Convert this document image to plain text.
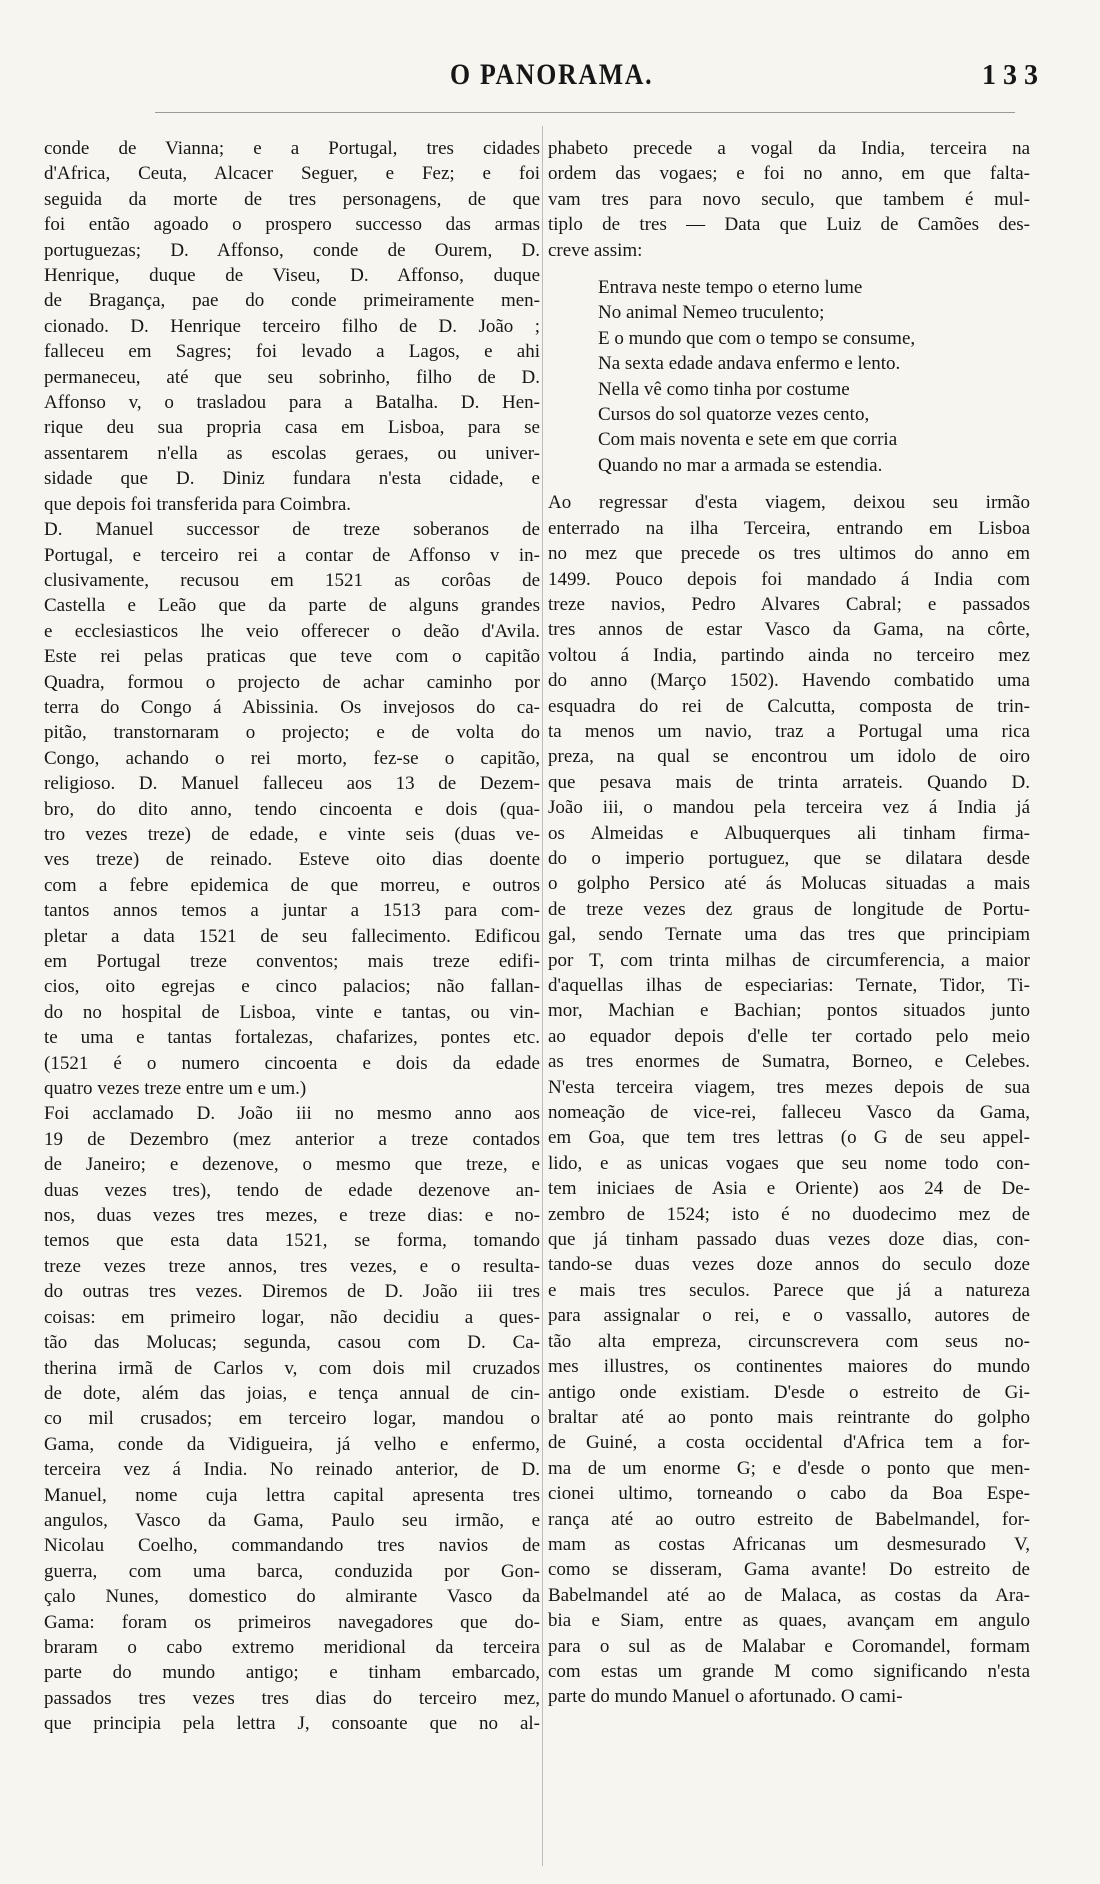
O PANORAMA.	1 3 3
conde de Vianna; e a Portugal, tres cidades
d'Africa, Ceuta, Alcacer Seguer, e Fez; e foi
seguida da morte de tres personagens, de que
foi então agoado o prospero successo das armas
portuguezas; D. Affonso, conde de Ourem, D.
Henrique, duque de Viseu, D. Affonso, duque
de Bragança, pae do conde primeiramente men-
cionado. D. Henrique terceiro filho de D. João ;
falleceu em Sagres; foi levado a Lagos, e ahi
permaneceu, até que seu sobrinho, filho de D.
Affonso v, o trasladou para a Batalha. D. Hen-
rique deu sua propria casa em Lisboa, para se
assentarem n'ella as escolas geraes, ou univer-
sidade que D. Diniz fundara n'esta cidade, e
que depois foi transferida para Coimbra.
D. Manuel successor de treze soberanos de
Portugal, e terceiro rei a contar de Affonso v in-
clusivamente, recusou em 1521 as corôas de
Castella e Leão que da parte de alguns grandes
e ecclesiasticos lhe veio offerecer o deão d'Avila.
Este rei pelas praticas que teve com o capitão
Quadra, formou o projecto de achar caminho por
terra do Congo á Abissinia. Os invejosos do ca-
pitão, transtornaram o projecto; e de volta do
Congo, achando o rei morto, fez-se o capitão,
religioso. D. Manuel falleceu aos 13 de Dezem-
bro, do dito anno, tendo cincoenta e dois (qua-
tro vezes treze) de edade, e vinte seis (duas ve-
ves treze) de reinado. Esteve oito dias doente
com a febre epidemica de que morreu, e outros
tantos annos temos a juntar a 1513 para com-
pletar a data 1521 de seu fallecimento. Edificou
em Portugal treze conventos; mais treze edifi-
cios, oito egrejas e cinco palacios; não fallan-
do no hospital de Lisboa, vinte e tantas, ou vin-
te uma e tantas fortalezas, chafarizes, pontes etc.
(1521 é o numero cincoenta e dois da edade
quatro vezes treze entre um e um.)
Foi acclamado D. João iii no mesmo anno aos
19 de Dezembro (mez anterior a treze contados
de Janeiro; e dezenove, o mesmo que treze, e
duas vezes tres), tendo de edade dezenove an-
nos, duas vezes tres mezes, e treze dias: e no-
temos que esta data 1521, se forma, tomando
treze vezes treze annos, tres vezes, e o resulta-
do outras tres vezes. Diremos de D. João iii tres
coisas: em primeiro logar, não decidiu a ques-
tão das Molucas; segunda, casou com D. Ca-
therina irmã de Carlos v, com dois mil cruzados
de dote, além das joias, e tença annual de cin-
co mil crusados; em terceiro logar, mandou o
Gama, conde da Vidigueira, já velho e enfermo,
terceira vez á India. No reinado anterior, de D.
Manuel, nome cuja lettra capital apresenta tres
angulos, Vasco da Gama, Paulo seu irmão, e
Nicolau Coelho, commandando tres navios de
guerra, com uma barca, conduzida por Gon-
çalo Nunes, domestico do almirante Vasco da
Gama: foram os primeiros navegadores que do-
braram o cabo extremo meridional da terceira
parte do mundo antigo; e tinham embarcado,
passados tres vezes tres dias do terceiro mez,
que principia pela lettra J, consoante que no al-
phabeto precede a vogal da India, terceira na
ordem das vogaes; e foi no anno, em que falta-
vam tres para novo seculo, que tambem é mul-
tiplo de tres — Data que Luiz de Camões des-
creve assim:
Entrava neste tempo o eterno lume
No animal Nemeo truculento;
E o mundo que com o tempo se consume,
Na sexta edade andava enfermo e lento.
Nella vê como tinha por costume
Cursos do sol quatorze vezes cento,
Com mais noventa e sete em que corria
Quando no mar a armada se estendia.
Ao regressar d'esta viagem, deixou seu irmão
enterrado na ilha Terceira, entrando em Lisboa
no mez que precede os tres ultimos do anno em
1499. Pouco depois foi mandado á India com
treze navios, Pedro Alvares Cabral; e passados
tres annos de estar Vasco da Gama, na côrte,
voltou á India, partindo ainda no terceiro mez
do anno (Março 1502). Havendo combatido uma
esquadra do rei de Calcutta, composta de trin-
ta menos um navio, traz a Portugal uma rica
preza, na qual se encontrou um idolo de oiro
que pesava mais de trinta arrateis. Quando D.
João iii, o mandou pela terceira vez á India já
os Almeidas e Albuquerques ali tinham firma-
do o imperio portuguez, que se dilatara desde
o golpho Persico até ás Molucas situadas a mais
de treze vezes dez graus de longitude de Portu-
gal, sendo Ternate uma das tres que principiam
por T, com trinta milhas de circumferencia, a maior
d'aquellas ilhas de especiarias: Ternate, Tidor, Ti-
mor, Machian e Bachian; pontos situados junto
ao equador depois d'elle ter cortado pelo meio
as tres enormes de Sumatra, Borneo, e Celebes.
N'esta terceira viagem, tres mezes depois de sua
nomeação de vice-rei, falleceu Vasco da Gama,
em Goa, que tem tres lettras (o G de seu appel-
lido, e as unicas vogaes que seu nome todo con-
tem iniciaes de Asia e Oriente) aos 24 de De-
zembro de 1524; isto é no duodecimo mez de
que já tinham passado duas vezes doze dias, con-
tando-se duas vezes doze annos do seculo doze
e mais tres seculos. Parece que já a natureza
para assignalar o rei, e o vassallo, autores de
tão alta empreza, circunscrevera com seus no-
mes illustres, os continentes maiores do mundo
antigo onde existiam. D'esde o estreito de Gi-
braltar até ao ponto mais reintrante do golpho
de Guiné, a costa occidental d'Africa tem a for-
ma de um enorme G; e d'esde o ponto que men-
cionei ultimo, torneando o cabo da Boa Espe-
rança até ao outro estreito de Babelmandel, for-
mam as costas Africanas um desmesurado V,
como se disseram, Gama avante! Do estreito de
Babelmandel até ao de Malaca, as costas da Ara-
bia e Siam, entre as quaes, avançam em angulo
para o sul as de Malabar e Coromandel, formam
com estas um grande M como significando n'esta
parte do mundo Manuel o afortunado. O cami-
